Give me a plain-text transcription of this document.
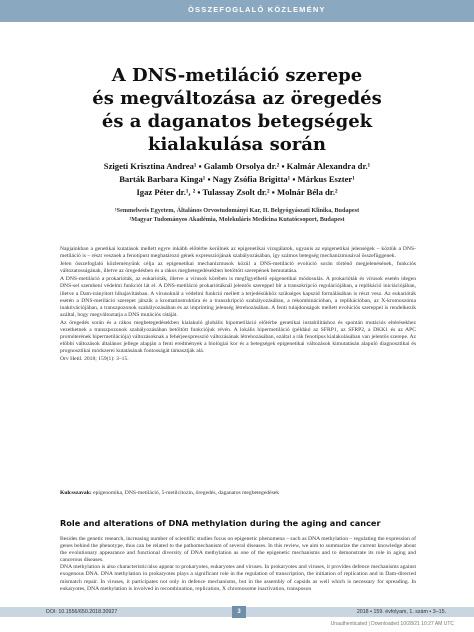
ÖSSZEFOGLALÓ KÖZLEMÉNY
A DNS-metiláció szerepe
és megváltozása az öregedés
és a daganatos betegségek
kialakulása során
Szigeti Krisztina Andrea¹ ▪ Galamb Orsolya dr.² ▪ Kalmár Alexandra dr.¹
Barták Barbara Kinga¹ ▪ Nagy Zsófia Brigitta¹ ▪ Márkus Eszter¹
Igaz Péter dr.¹, ² ▪ Tulassay Zsolt dr.² ▪ Molnár Béla dr.²
¹Semmelweis Egyetem, Általános Orvostudományi Kar, II. Belgyógyászati Klinika, Budapest
²Magyar Tudományos Akadémia, Molekuláris Medicina Kutatócsoport, Budapest

Napjainkban a genetikai kutatások mellett egyre inkább előtérbe kerülnek az epigenetikai vizsgálatok, ugyanis az epigenetikai jelenségek – köztük a DNS-metiláció is – részt vesznek a fenotípust meghatározó gének expressziójának szabályozásában, így számos betegség mechanizmusával összefüggenek.

Jelen összefoglaló közleményünk célja az epigenetikai mechanizmusok közül a DNS-metiláció evolúció során történő megjelenésének, funkciós változatosságának, illetve az öregedésben és a rákos megbetegedésekben betöltött szerepének bemutatása.

A DNS-metiláció a prokarióták, az eukarióták, illetve a vírusok körében is megfigyelhető epigenetikai módosulás. A prokarióták és vírusok esetén idegen DNS-sel szembeni védelmi funkciót lát el. A DNS-metiláció prokariótáknál jelentős szereppel bír a transzkripció regulációjában, a replikáció iniciációjában, illetve a Dam-irányított hibajavításban. A vírusoknál a védelmi funkció mellett a terjedésükhöz szükséges kapszid formálásában is részt vesz. Az eukarióták esetén a DNS-metiláció szerepet játszik a kromatinstruktúra és a transzkripció szabályozásában, a rekombinációban, a replikációban, az X-kromoszóma inaktivációjában, a transzpozonok szabályozásában és az imprinting jelenség létrehozásában. A fenti tulajdonságok mellett evolúciós szereppel is rendelkezik azáltal, hogy megváltoztatja a DNS mutációs rátáját.

Az öregedés során és a rákos megbetegedésekben kialakuló globális hipometiláció előtérbe genetikai instabilitáshoz és spontán mutációs eltérésekhez vezethetnek a transzpozonok szabályozásában betöltött funkciójuk révén. A lokális hipermetiláció (például az SFRP1, az SFRP2, a DKK1 és az APC promóterének hipermetilációja) változásoknak a fehérjeexpresszió változásának létrehozásában, ezáltal a rák fenotípus kialakulásában van jelentős szerepe. Az előbbi változások általános jellege alapján a fenti eredmények a biológiai kor és a betegségek epigenetikai változások kimutatásán alapuló diagnosztikai és prognosztikai módszerei kutatásának fontosságát támasztják alá.

Orv Hetil. 2018; 159(1): 3–15.

Kulcsszavak: epigenomika, DNS-metiláció, 5-metilcitozin, öregedés, daganatos megbetegedések
Role and alterations of DNA methylation during the aging and cancer

Besides the genetic research, increasing number of scientific studies focus on epigenetic phenomena – such as DNA methylation – regulating the expression of genes behind the phenotype, thus can be related to the pathomechanism of several diseases. In this review, we aim to summarize the current knowledge about the evolutionary appearance and functional diversity of DNA methylation as one of the epigenetic mechanisms and to demonstrate its role in aging and cancerous diseases.

DNA methylation is also characteristic/also appear to prokaryotes, eukaryotes and viruses. In prokaryotes and viruses, it provides defence mechanisms against exogenous DNA. DNA methylation in prokaryotes plays a significant role in the regulation of transcription, the initiation of replication and in Dam-directed mismatch repair. In viruses, it participates not only in defence mechanisms, but in the assembly of capsids as well which is necessary for spreading. In eukaryotes, DNA methylation is involved in recombination, replication, X chromosome inactivation, transposon

DOI: 10.1556/650.2018.30927	3	2018 ▪ 159. évfolyam, 1. szám ▪ 3–15.
Unauthenticated | Downloaded 10/28/21 10:27 AM UTC
